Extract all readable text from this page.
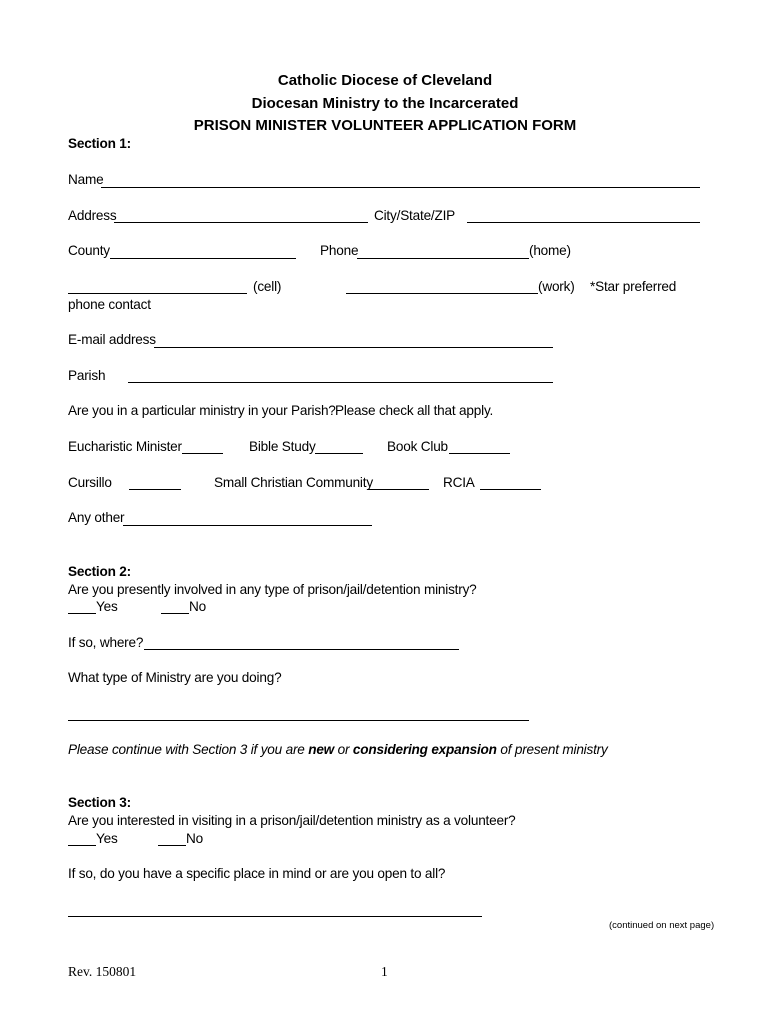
Catholic Diocese of Cleveland
Diocesan Ministry to the Incarcerated
PRISON MINISTER VOLUNTEER APPLICATION FORM
Section 1:
Name
Address	City/State/ZIP
County	Phone	(home)
(cell)	(work) *Star preferred
phone contact
E-mail address
Parish
Are you in a particular ministry in your Parish? Please check all that apply.
Eucharistic Minister	Bible Study	Book Club
Cursillo	Small Christian Community	RCIA
Any other
Section 2:
Are you presently involved in any type of prison/jail/detention ministry?
Yes	No
If so, where?
What type of Ministry are you doing?
Please continue with Section 3 if you are new or considering expansion of present ministry
Section 3:
Are you interested in visiting in a prison/jail/detention ministry as a volunteer?
Yes	No
If so, do you have a specific place in mind or are you open to all?
(continued on next page)
Rev. 150801	1
